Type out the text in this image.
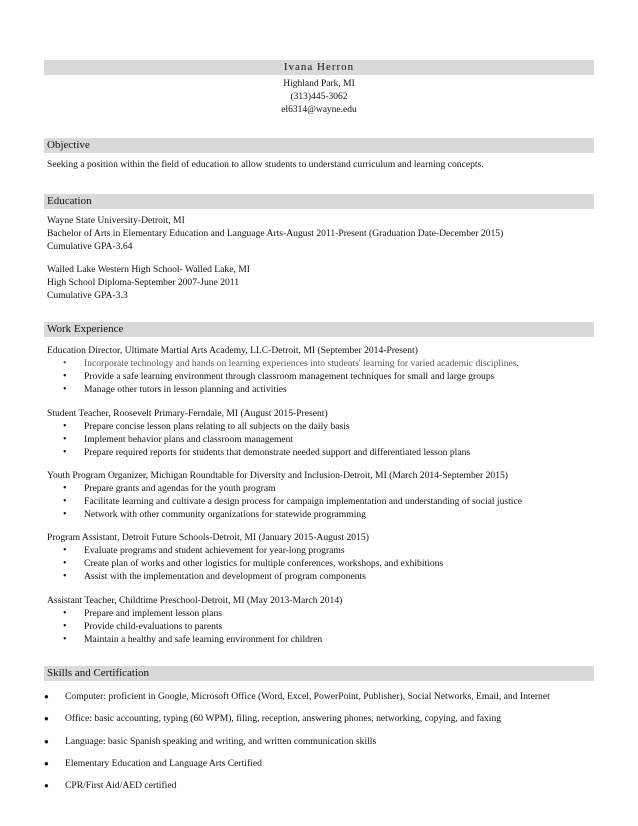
Ivana Herron
Highland Park, MI
(313)445-3062
el6314@wayne.edu
Objective
Seeking a position within the field of education to allow students to understand curriculum and learning concepts.
Education
Wayne State University-Detroit, MI
Bachelor of Arts in Elementary Education and Language Arts-August 2011-Present (Graduation Date-December 2015)
Cumulative GPA-3.64
Walled Lake Western High School- Walled Lake, MI
High School Diploma-September 2007-June 2011
Cumulative GPA-3.3
Work Experience
Education Director, Ultimate Martial Arts Academy, LLC-Detroit, MI (September 2014-Present)
• Incorporate technology and hands on learning experiences into students' learning for varied academic disciplines.
• Provide a safe learning environment through classroom management techniques for small and large groups
• Manage other tutors in lesson planning and activities
Student Teacher, Roosevelt Primary-Ferndale, MI (August 2015-Present)
• Prepare concise lesson plans relating to all subjects on the daily basis
• Implement behavior plans and classroom management
• Prepare required reports for students that demonstrate needed support and differentiated lesson plans
Youth Program Organizer, Michigan Roundtable for Diversity and Inclusion-Detroit, MI (March 2014-September 2015)
• Prepare grants and agendas for the youth program
• Facilitate learning and cultivate a design process for campaign implementation and understanding of social justice
• Network with other community organizations for statewide programming
Program Assistant, Detroit Future Schools-Detroit, MI (January 2015-August 2015)
• Evaluate programs and student achievement for year-long programs
• Create plan of works and other logistics for multiple conferences, workshops, and exhibitions
• Assist with the implementation and development of program components
Assistant Teacher, Childtime Preschool-Detroit, MI (May 2013-March 2014)
• Prepare and implement lesson plans
• Provide child-evaluations to parents
• Maintain a healthy and safe learning environment for children
Skills and Certification
● Computer: proficient in Google, Microsoft Office (Word, Excel, PowerPoint, Publisher), Social Networks, Email, and Internet
● Office: basic accounting, typing (60 WPM), filing, reception, answering phones, networking, copying, and faxing
● Language: basic Spanish speaking and writing, and written communication skills
● Elementary Education and Language Arts Certified
● CPR/First Aid/AED certified
